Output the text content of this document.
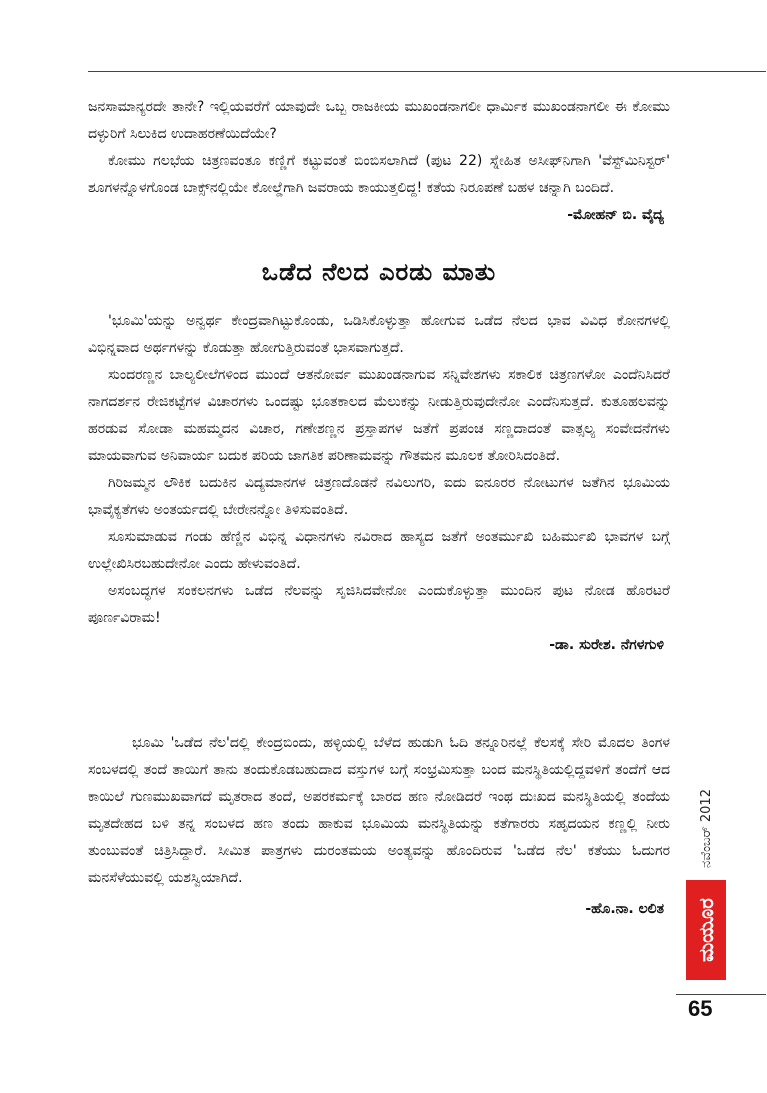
ಜನಸಾಮಾನ್ಯರದೇ ತಾನೇ? ಇಲ್ಲಿಯವರೆಗೆ ಯಾವುದೇ ಒಬ್ಬ ರಾಜಕೀಯ ಮುಖಂಡನಾಗಲೀ ಧಾರ್ಮಿಕ ಮುಖಂಡನಾಗಲೀ ಈ ಕೋಮು ದಳ್ಳುರಿಗೆ ಸಿಲುಕಿದ ಉದಾಹರಣೆಯಿದೆಯೇ?

ಕೋಮು ಗಲಭೆಯ ಚಿತ್ರಣವಂತೂ ಕಣ್ಣಿಗೆ ಕಟ್ಟುವಂತೆ ಬಿಂಬಿಸಲಾಗಿದೆ (ಪುಟ 22) ಸ್ನೇಹಿತ ಅಸೀಫ್‌ನಿಗಾಗಿ 'ವೆಸ್ಟ್‌ಮಿನಿಸ್ಟರ್' ಶೂಗಳನ್ನೊಳಗೊಂಡ ಬಾಕ್ಸ್‌ನಲ್ಲಿಯೇ ಕೋಲ್ಡೆಗಾಗಿ ಜವರಾಯ ಕಾಯುತ್ತಲಿದ್ದ! ಕತೆಯ ನಿರೂಪಣೆ ಬಹಳ ಚನ್ನಾಗಿ ಬಂದಿದೆ.

-ಮೋಹನ್ ಬಿ. ವೈದ್ಯ
ಒಡೆದ ನೆಲದ ಎರಡು ಮಾತು

'ಭೂಮಿ'ಯನ್ನು ಅನ್ವರ್ಥ ಕೇಂದ್ರವಾಗಿಟ್ಟುಕೊಂಡು, ಒಡಿಸಿಕೊಳ್ಳುತ್ತಾ ಹೋಗುವ ಒಡೆದ ನೆಲದ ಭಾವ ವಿವಿಧ ಕೋನಗಳಲ್ಲಿ ವಿಭಿನ್ನವಾದ ಅರ್ಥಗಳನ್ನು ಕೊಡುತ್ತಾ ಹೋಗುತ್ತಿರುವಂತೆ ಭಾಸವಾಗುತ್ತದೆ.

ಸುಂದರಣ್ಣನ ಬಾಲ್ಯಲೀಲೆಗಳಿಂದ ಮುಂದೆ ಆತನೋರ್ವ ಮುಖಂಡನಾಗುವ ಸನ್ನಿವೇಶಗಳು ಸಕಾಲಿಕ ಚಿತ್ರಣಗಳೋ ಎಂದೆನಿಸಿದರೆ ನಾಗದರ್ಶನ ರೇಜಿಕಟ್ಟೆಗಳ ವಿಚಾರಗಳು ಒಂದಷ್ಟು ಭೂತಕಾಲದ ಮೆಲುಕನ್ನು ನೀಡುತ್ತಿರುವುದೇನೋ ಎಂದೆನಿಸುತ್ತದೆ. ಕುತೂಹಲವನ್ನು ಹರಡುವ ಸೋಡಾ ಮಹಮ್ಮದನ ವಿಚಾರ, ಗಣೇಶಣ್ಣನ ಪ್ರಸ್ತಾಪಗಳ ಜತೆಗೆ ಪ್ರಪಂಚ ಸಣ್ಣದಾದಂತೆ ವಾತ್ಸಲ್ಯ ಸಂವೇದನೆಗಳು ಮಾಯವಾಗುವ ಅನಿವಾರ್ಯ ಬದುಕ ಪರಿಯ ಜಾಗತಿಕ ಪರಿಣಾಮವನ್ನು ಗೌತಮನ ಮೂಲಕ ತೋರಿಸಿದಂತಿದೆ.

ಗಿರಿಜಮ್ಮನ ಲೌಕಿಕ ಬದುಕಿನ ವಿದ್ಯಮಾನಗಳ ಚಿತ್ರಣದೊಡನೆ ನವಿಲುಗರಿ, ಐದು ಐನೂರರ ನೋಟುಗಳ ಜತೆಗಿನ ಭೂಮಿಯ ಭಾವೈಕ್ಯತೆಗಳು ಅಂತರ್ಯದಲ್ಲಿ ಬೇರೇನನ್ನೋ ತಿಳಿಸುವಂತಿದೆ.

ಸೂಸುಮಾಡುವ ಗಂಡು ಹೆಣ್ಣಿನ ವಿಭಿನ್ನ ವಿಧಾನಗಳು ನವಿರಾದ ಹಾಸ್ಯದ ಜತೆಗೆ ಅಂತರ್ಮುಖಿ ಬಹಿರ್ಮುಖಿ ಭಾವಗಳ ಬಗ್ಗೆ ಉಲ್ಲೇಖಿಸಿರಬಹುದೇನೋ ಎಂದು ಹೇಳುವಂತಿದೆ.

ಅಸಂಬದ್ಧಗಳ ಸಂಕಲನಗಳು ಒಡೆದ ನೆಲವನ್ನು ಸೃಜಿಸಿದವೇನೋ ಎಂದುಕೊಳ್ಳುತ್ತಾ ಮುಂದಿನ ಪುಟ ನೋಡ ಹೊರಟರೆ ಪೂರ್ಣವಿರಾಮ!

-ಡಾ. ಸುರೇಶ. ನೆಗಳಗುಳಿ

ಭೂಮಿ 'ಒಡೆದ ನೆಲ'ದಲ್ಲಿ ಕೇಂದ್ರಬಿಂದು, ಹಳ್ಳಿಯಲ್ಲಿ ಬೆಳೆದ ಹುಡುಗಿ ಓದಿ ತನ್ನೂರಿನಲ್ಲೆ ಕೆಲಸಕ್ಕೆ ಸೇರಿ ಮೊದಲ ತಿಂಗಳ ಸಂಬಳದಲ್ಲಿ ತಂದೆ ತಾಯಿಗೆ ತಾನು ತಂದುಕೊಡಬಹುದಾದ ವಸ್ತುಗಳ ಬಗ್ಗೆ ಸಂಭ್ರಮಿಸುತ್ತಾ ಬಂದ ಮನಸ್ಥಿತಿಯಲ್ಲಿದ್ದವಳಿಗೆ ತಂದೆಗೆ ಆದ ಕಾಯಿಲೆ ಗುಣಮುಖವಾಗದೆ ಮೃತರಾದ ತಂದೆ, ಅಪರಕರ್ಮಕ್ಕೆ ಬಾರದ ಹಣ ನೋಡಿದರೆ ಇಂಥ ದುಃಖದ ಮನಸ್ಥಿತಿಯಲ್ಲಿ ತಂದೆಯ ಮೃತದೇಹದ ಬಳಿ ತನ್ನ ಸಂಬಳದ ಹಣ ತಂದು ಹಾಕುವ ಭೂಮಿಯ ಮನಸ್ಥಿತಿಯನ್ನು ಕತೆಗಾರರು ಸಹೃದಯನ ಕಣ್ಣಲ್ಲಿ ನೀರು ತುಂಬುವಂತೆ ಚಿತ್ರಿಸಿದ್ದಾರೆ. ಸೀಮಿತ ಪಾತ್ರಗಳು ದುರಂತಮಯ ಅಂತ್ಯವನ್ನು ಹೊಂದಿರುವ 'ಒಡೆದ ನೆಲ' ಕತೆಯು ಓದುಗರ ಮನಸೆಳೆಯುವಲ್ಲಿ ಯಶಸ್ವಿಯಾಗಿದೆ.

-ಹೊ.ನಾ. ಲಲಿತ
ನವೆಂಬರ್ 2012
ಮಯೂರ
65
